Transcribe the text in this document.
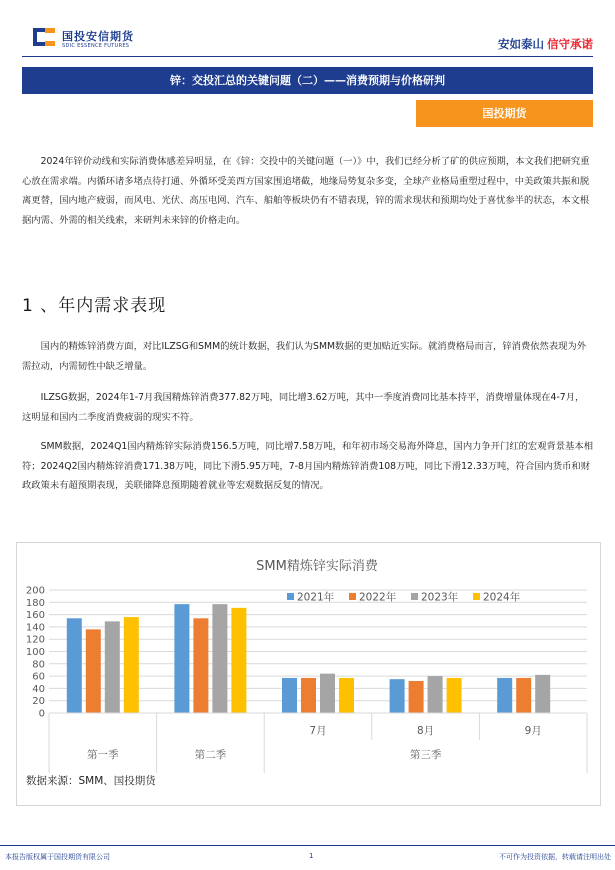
国投安信期货
SDIC ESSENCE FUTURES	安如泰山 信守承诺
锌：交投汇总的关键问题（二）——消费预期与价格研判
国投期货

2024年锌价动线和实际消费体感差异明显，在《锌：交投中的关键问题（一）》中，我们已经分析了矿的供应预期，本文我们把研究重心放在需求端。内循环诸多堵点待打通、外循环受美西方国家围追堵截，地缘局势复杂多变，全球产业格局重塑过程中，中美政策共振和脱离更替，国内地产疲弱，而风电、光伏、高压电网、汽车、船舶等板块仍有不错表现，锌的需求现状和预期均处于喜忧参半的状态，本文根据内需、外需的相关线索，来研判未来锌的价格走向。

1 、年内需求表现

国内的精炼锌消费方面，对比ILZSG和SMM的统计数据，我们认为SMM数据的更加贴近实际。就消费格局而言，锌消费依然表现为外需拉动，内需韧性中缺乏增量。

ILZSG数据，2024年1-7月我国精炼锌消费377.82万吨，同比增3.62万吨，其中一季度消费同比基本持平，消费增量体现在4-7月，这明显和国内二季度消费疲弱的现实不符。

SMM数据，2024Q1国内精炼锌实际消费156.5万吨，同比增7.58万吨，和年初市场交易海外降息，国内力争开门红的宏观背景基本相符；2024Q2国内精炼锌消费171.38万吨，同比下滑5.95万吨，7-8月国内精炼锌消费108万吨，同比下滑12.33万吨，符合国内货币和财政政策未有超预期表现，美联储降息预期随着就业等宏观数据反复的情况。

SMM精炼锌实际消费
2021年 2022年 2023年 2024年
0
20
40
60
80
100
120
140
160
180
200
第一季	第二季
7月	8月	9月
第三季
数据来源：SMM、国投期货
本报告版权属于国投期货有限公司	1	不可作为投资依据，转载请注明出处
